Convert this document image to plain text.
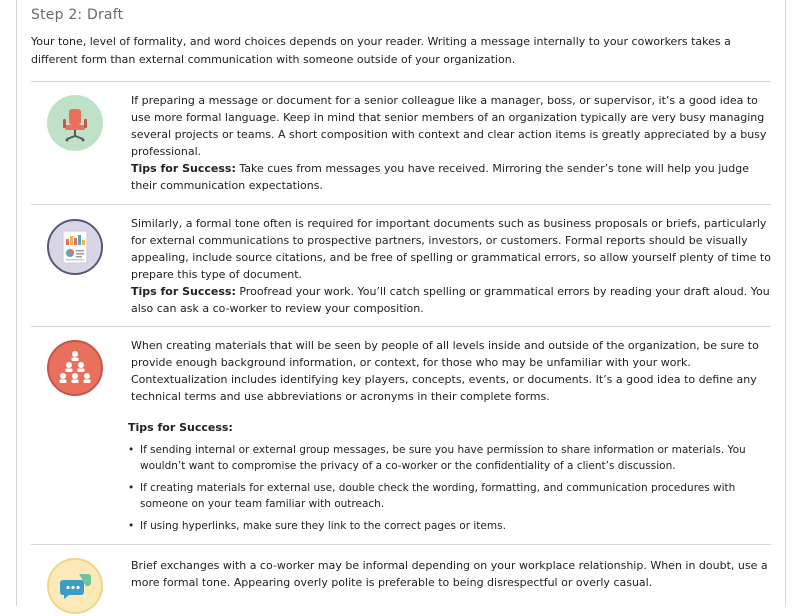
Step 2: Draft
Your tone, level of formality, and word choices depends on your reader. Writing a message internally to your coworkers takes a different form than external communication with someone outside of your organization.

If preparing a message or document for a senior colleague like a manager, boss, or supervisor, it’s a good idea to use more formal language. Keep in mind that senior members of an organization typically are very busy managing several projects or teams. A short composition with context and clear action items is greatly appreciated by a busy professional.

Tips for Success: Take cues from messages you have received. Mirroring the sender’s tone will help you judge their communication expectations.

Similarly, a formal tone often is required for important documents such as business proposals or briefs, particularly for external communications to prospective partners, investors, or customers. Formal reports should be visually appealing, include source citations, and be free of spelling or grammatical errors, so allow yourself plenty of time to prepare this type of document.

Tips for Success: Proofread your work. You’ll catch spelling or grammatical errors by reading your draft aloud. You also can ask a co-worker to review your composition.

When creating materials that will be seen by people of all levels inside and outside of the organization, be sure to provide enough background information, or context, for those who may be unfamiliar with your work. Contextualization includes identifying key players, concepts, events, or documents. It’s a good idea to define any technical terms and use abbreviations or acronyms in their complete forms.

Tips for Success:

• If sending internal or external group messages, be sure you have permission to share information or materials. You wouldn’t want to compromise the privacy of a co-worker or the confidentiality of a client’s discussion.
• If creating materials for external use, double check the wording, formatting, and communication procedures with someone on your team familiar with outreach.
• If using hyperlinks, make sure they link to the correct pages or items.

Brief exchanges with a co-worker may be informal depending on your workplace relationship. When in doubt, use a more formal tone. Appearing overly polite is preferable to being disrespectful or overly casual.
